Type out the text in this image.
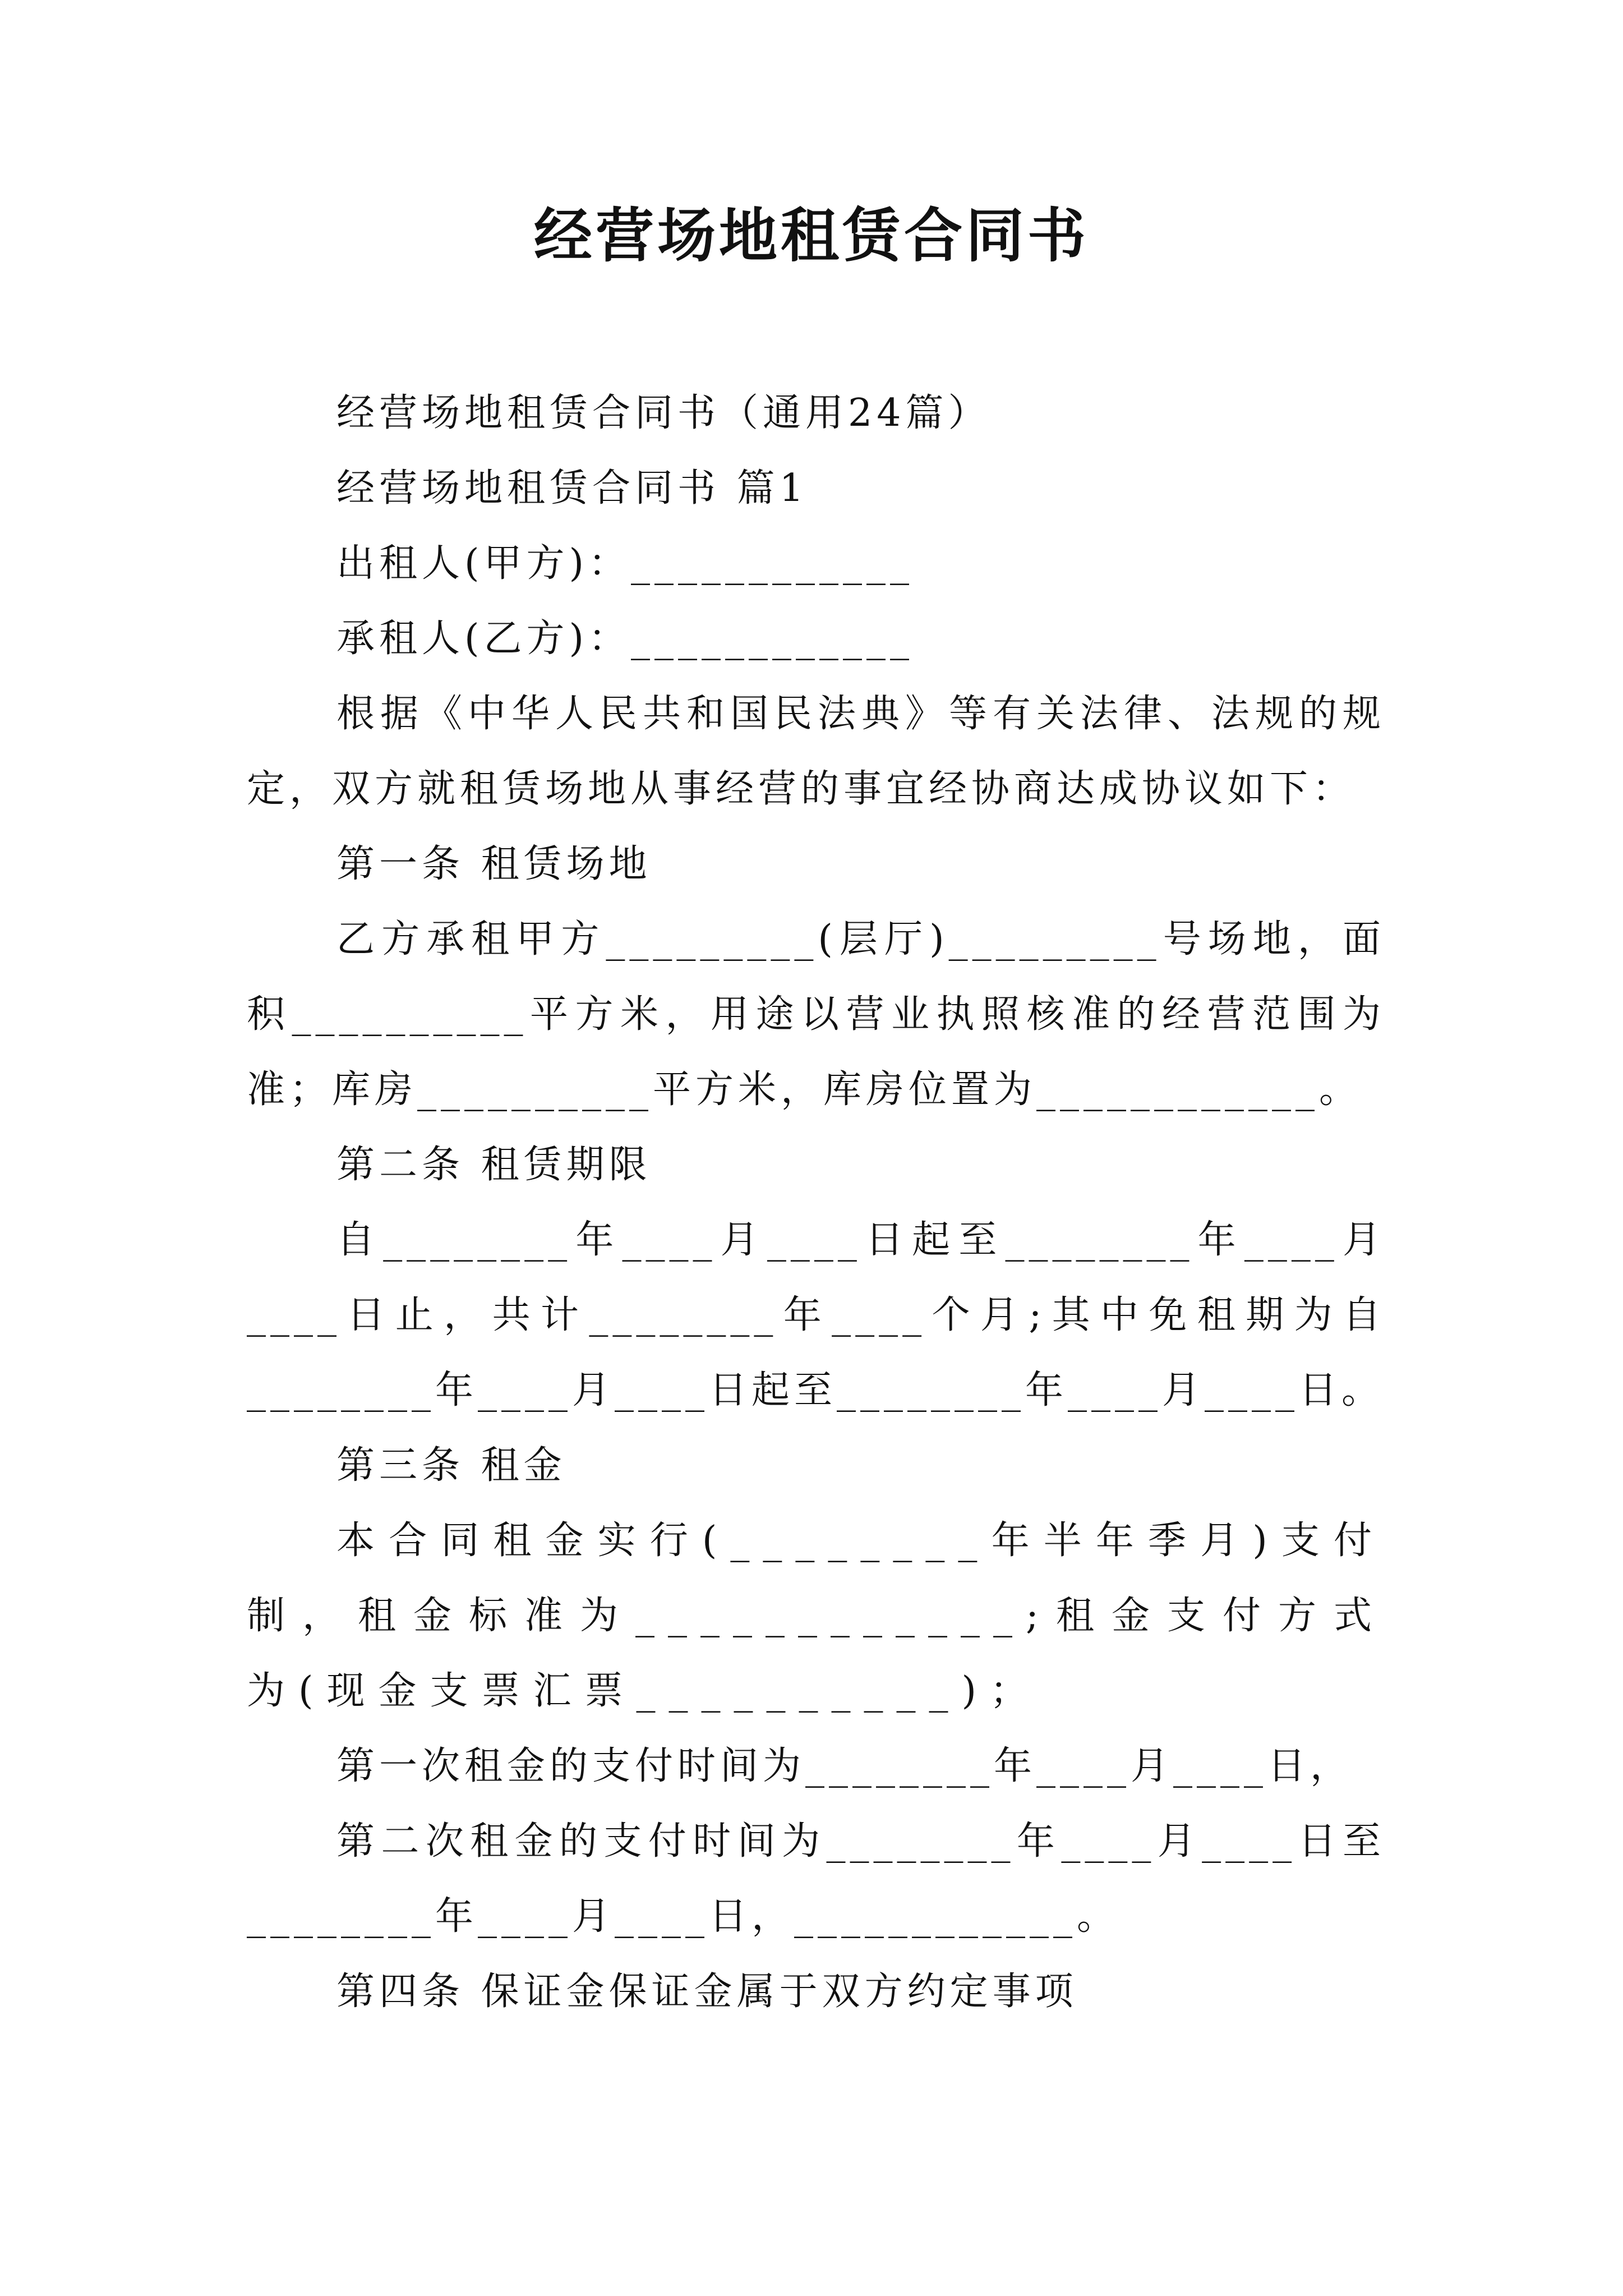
经营场地租赁合同书

经营场地租赁合同书（通用24篇）

经营场地租赁合同书 篇1

出租人(甲方)：____________

承租人(乙方)：____________

根据《中华人民共和国民法典》等有关法律、法规的规定，双方就租赁场地从事经营的事宜经协商达成协议如下：

第一条 租赁场地

乙方承租甲方_________(层厅)_________号场地，面积__________平方米，用途以营业执照核准的经营范围为准；库房__________平方米，库房位置为____________。

第二条 租赁期限

自________年____月____日起至________年____月____日止，共计________年____个月;其中免租期为自________年____月____日起至________年____月____日。

第三条 租金

本合同租金实行(________年半年季月)支付制，租金标准为____________;租金支付方式为(现金支票汇票__________)；

第一次租金的支付时间为________年____月____日，

第二次租金的支付时间为________年____月____日至________年____月____日，____________。

第四条 保证金保证金属于双方约定事项
